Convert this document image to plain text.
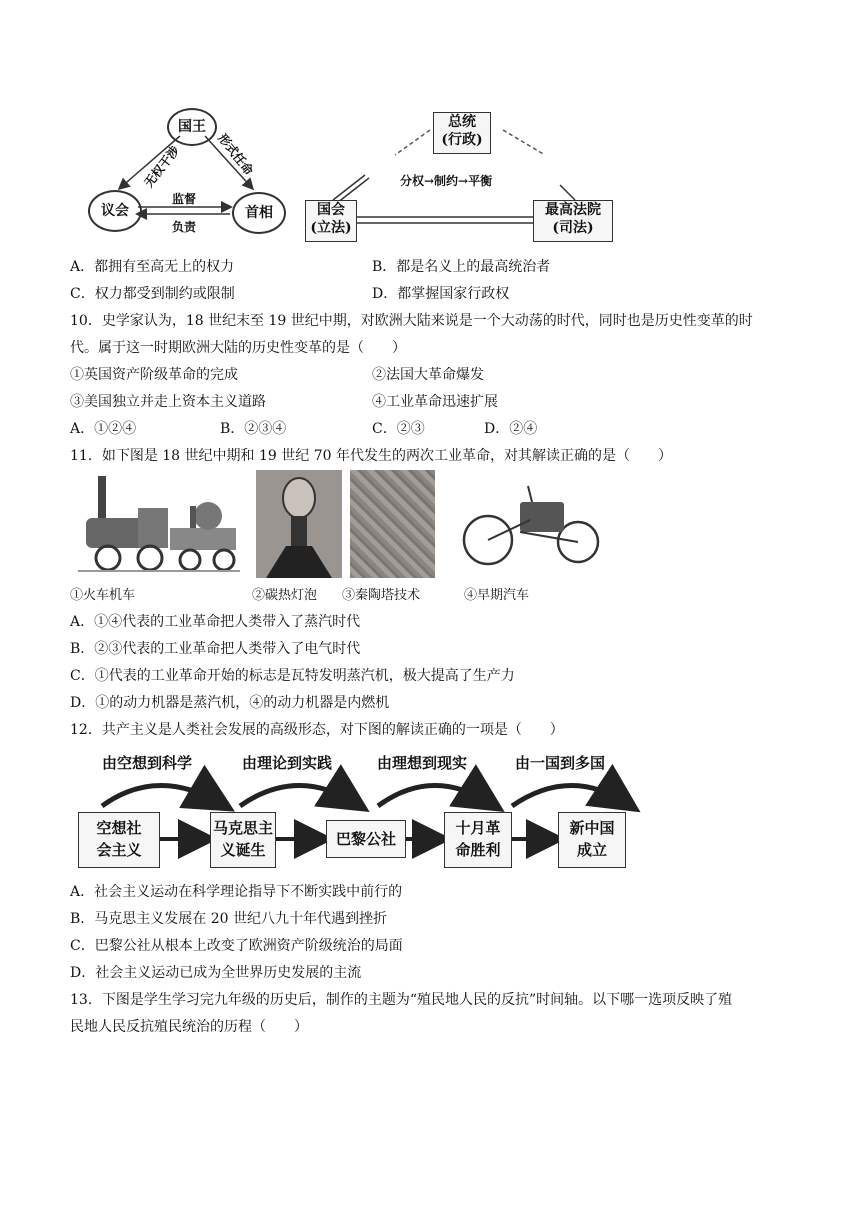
国王
议会	首相
形式任命
无权干涉
监督
负责
总统
(行政)
国会
(立法)
最高法院
(司法)
分权→制约→平衡
A．都拥有至高无上的权力	B．都是名义上的最高统治者
C．权力都受到制约或限制	D．都掌握国家行政权
10．史学家认为，18 世纪末至 19 世纪中期，对欧洲大陆来说是一个大动荡的时代，同时也是历史性变革的时
代。属于这一时期欧洲大陆的历史性变革的是（　　）
①英国资产阶级革命的完成	②法国大革命爆发
③美国独立并走上资本主义道路	④工业革命迅速扩展
A．①②④	B．②③④	C．②③	D．②④
11．如下图是 18 世纪中期和 19 世纪 70 年代发生的两次工业革命，对其解读正确的是（　　）
①火车机车	②碳热灯泡 ③秦陶塔技术	④早期汽车
A．①④代表的工业革命把人类带入了蒸汽时代
B．②③代表的工业革命把人类带入了电气时代
C．①代表的工业革命开始的标志是瓦特发明蒸汽机，极大提高了生产力
D．①的动力机器是蒸汽机，④的动力机器是内燃机
12．共产主义是人类社会发展的高级形态，对下图的解读正确的一项是（　　）
由空想到科学	由理论到实践	由理想到现实	由一国到多国
空想社
会主义
马克思主
义诞生
巴黎公社
十月革
命胜利
新中国
成立
A．社会主义运动在科学理论指导下不断实践中前行的
B．马克思主义发展在 20 世纪八九十年代遇到挫折
C．巴黎公社从根本上改变了欧洲资产阶级统治的局面
D．社会主义运动已成为全世界历史发展的主流
13．下图是学生学习完九年级的历史后，制作的主题为“殖民地人民的反抗”时间轴。以下哪一选项反映了殖
民地人民反抗殖民统治的历程（　　）
